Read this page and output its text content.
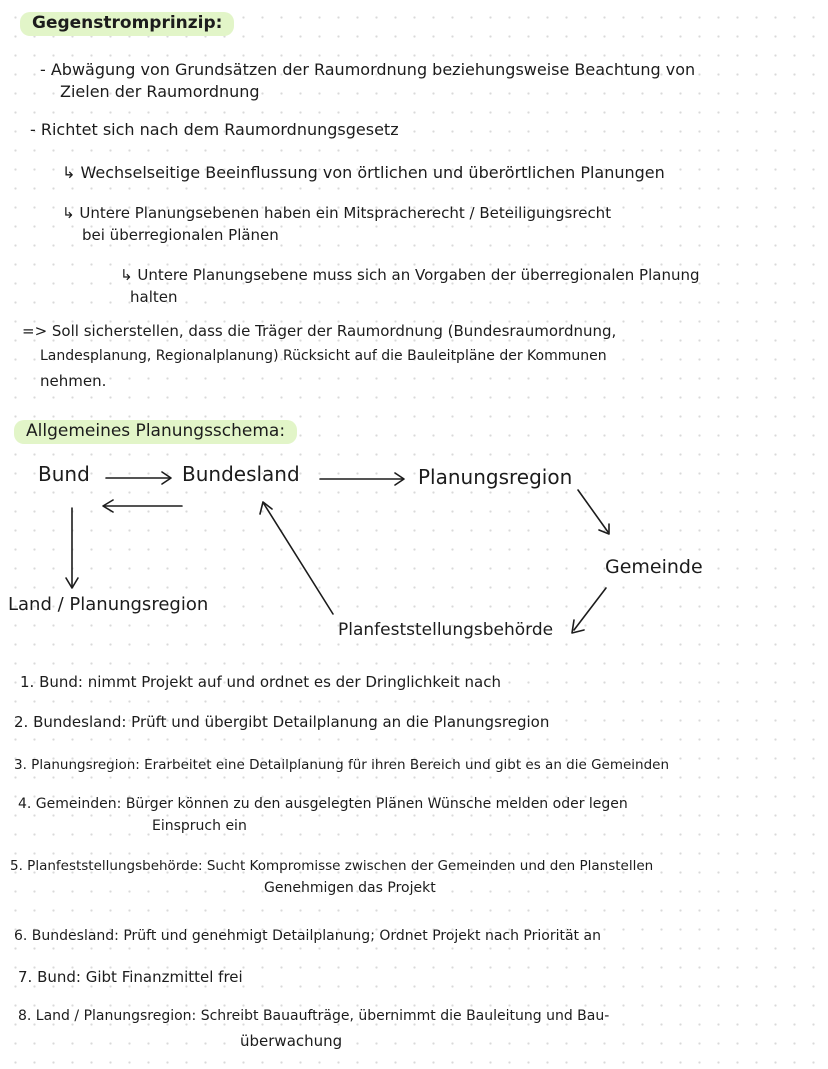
Gegenstromprinzip:
- Abwägung von Grundsätzen der Raumordnung beziehungsweise Beachtung von
Zielen der Raumordnung
- Richtet sich nach dem Raumordnungsgesetz
↳ Wechselseitige Beeinflussung von örtlichen und überörtlichen Planungen
↳ Untere Planungsebenen haben ein Mitspracherecht / Beteiligungsrecht
bei überregionalen Plänen
↳ Untere Planungsebene muss sich an Vorgaben der überregionalen Planung
halten
=> Soll sicherstellen, dass die Träger der Raumordnung (Bundesraumordnung,
Landesplanung, Regionalplanung) Rücksicht auf die Bauleitpläne der Kommunen
nehmen.
Allgemeines Planungsschema:
Bund	Bundesland	Planungsregion
Gemeinde
Land / Planungsregion
Planfeststellungsbehörde
1. Bund: nimmt Projekt auf und ordnet es der Dringlichkeit nach
2. Bundesland: Prüft und übergibt Detailplanung an die Planungsregion
3. Planungsregion: Erarbeitet eine Detailplanung für ihren Bereich und gibt es an die Gemeinden
4. Gemeinden: Bürger können zu den ausgelegten Plänen Wünsche melden oder legen
Einspruch ein
5. Planfeststellungsbehörde: Sucht Kompromisse zwischen der Gemeinden und den Planstellen
Genehmigen das Projekt
6. Bundesland: Prüft und genehmigt Detailplanung; Ordnet Projekt nach Priorität an
7. Bund: Gibt Finanzmittel frei
8. Land / Planungsregion: Schreibt Bauaufträge, übernimmt die Bauleitung und Bau-
überwachung
